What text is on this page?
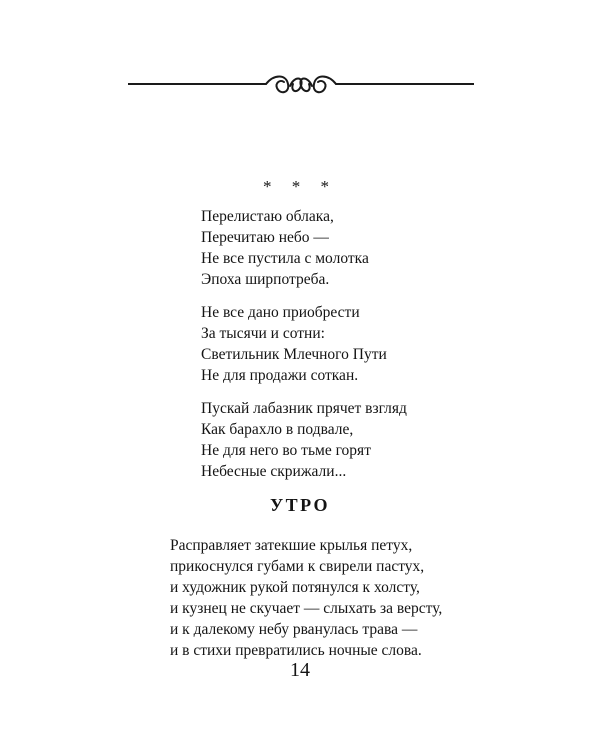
* * *
Перелистаю облака,
Перечитаю небо —
Не все пустила с молотка
Эпоха ширпотреба.
Не все дано приобрести
За тысячи и сотни:
Светильник Млечного Пути
Не для продажи соткан.
Пускай лабазник прячет взгляд
Как барахло в подвале,
Не для него во тьме горят
Небесные скрижали...
УТРО
Расправляет затекшие крылья петух,
прикоснулся губами к свирели пастух,
и художник рукой потянулся к холсту,
и кузнец не скучает — слыхать за версту,
и к далекому небу рванулась трава —
и в стихи превратились ночные слова.
14
